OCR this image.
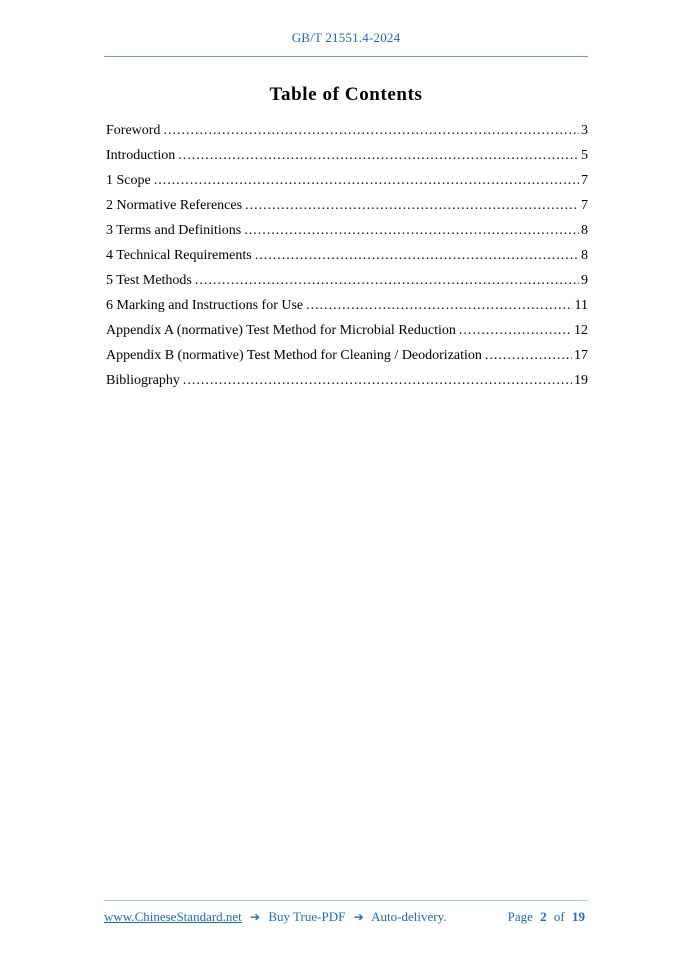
GB/T 21551.4-2024
Table of Contents
Foreword .....	3
Introduction .....	5
1 Scope .....	7
2 Normative References .....	7
3 Terms and Definitions .....	8
4 Technical Requirements .....	8
5 Test Methods .....	9
6 Marking and Instructions for Use .....	11
Appendix A (normative) Test Method for Microbial Reduction .....	12
Appendix B (normative) Test Method for Cleaning / Deodorization .....	17
Bibliography .....	19
www.ChineseStandard.net ➔ Buy True-PDF ➔ Auto-delivery.	Page 2 of 19
